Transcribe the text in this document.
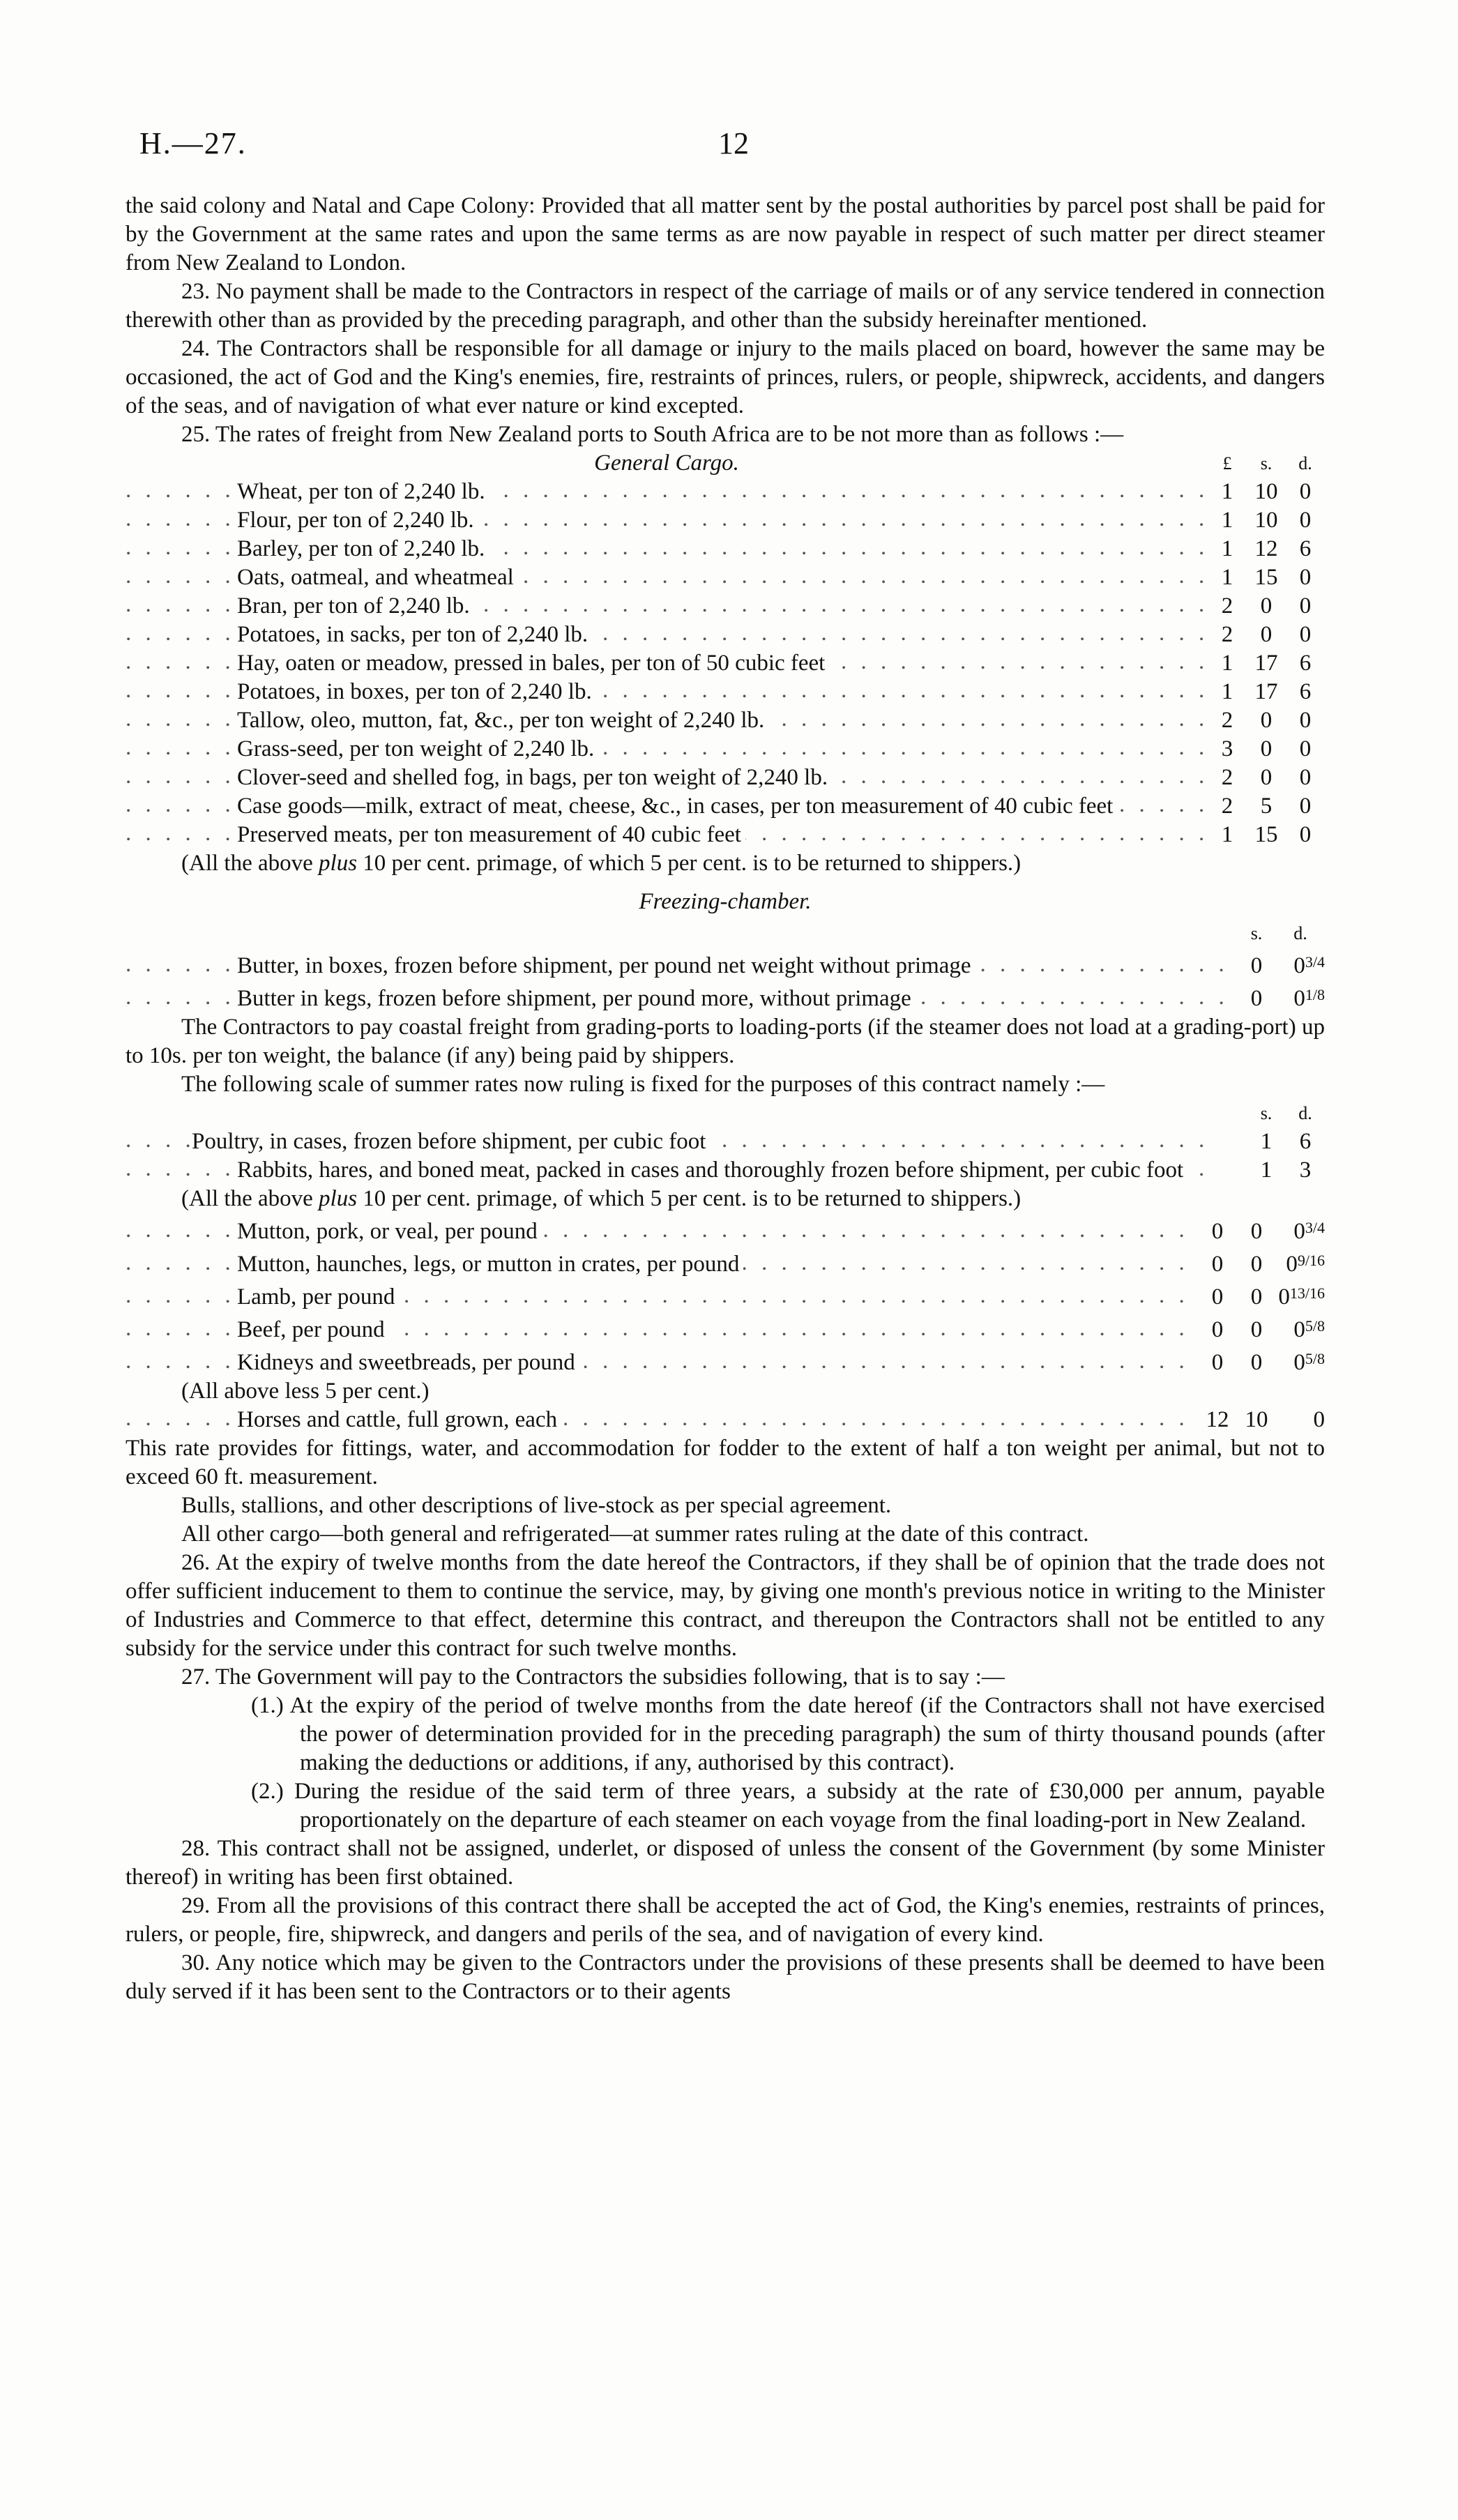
H.—27.	12

the said colony and Natal and Cape Colony: Provided that all matter sent by the postal authorities by parcel post shall be paid for by the Government at the same rates and upon the same terms as are now payable in respect of such matter per direct steamer from New Zealand to London.

23. No payment shall be made to the Contractors in respect of the carriage of mails or of any service tendered in connection therewith other than as provided by the preceding paragraph, and other than the subsidy hereinafter mentioned.

24. The Contractors shall be responsible for all damage or injury to the mails placed on board, however the same may be occasioned, the act of God and the King's enemies, fire, restraints of princes, rulers, or people, shipwreck, accidents, and dangers of the seas, and of navigation of what ever nature or kind excepted.

25. The rates of freight from New Zealand ports to South Africa are to be not more than as follows :—

General Cargo.	£	s.	d.
Wheat, per ton of 2,240 lb. . . .	1	10	0
Flour, per ton of 2,240 lb. . . .	1	10	0
Barley, per ton of 2,240 lb. . . .	1	12	6
Oats, oatmeal, and wheatmeal . . .	1	15	0
Bran, per ton of 2,240 lb. . . .	2	0	0
Potatoes, in sacks, per ton of 2,240 lb. . . .	2	0	0
Hay, oaten or meadow, pressed in bales, per ton of 50 cubic feet . . .	1	17	6
Potatoes, in boxes, per ton of 2,240 lb. . . .	1	17	6
Tallow, oleo, mutton, fat, &c., per ton weight of 2,240 lb. . . .	2	0	0
Grass-seed, per ton weight of 2,240 lb. . . .	3	0	0
Clover-seed and shelled fog, in bags, per ton weight of 2,240 lb. . . .	2	0	0
Case goods—milk, extract of meat, cheese, &c., in cases, per ton measurement of 40 cubic feet . . .	2	5	0
Preserved meats, per ton measurement of 40 cubic feet . . .	1	15	0

(All the above plus 10 per cent. primage, of which 5 per cent. is to be returned to shippers.)

Freezing-chamber.

	s.	d.
Butter, in boxes, frozen before shipment, per pound net weight without primage . . .	0	$0^{3/4}$
Butter in kegs, frozen before shipment, per pound more, without primage . . .	0	$0^{1/8}$

The Contractors to pay coastal freight from grading-ports to loading-ports (if the steamer does not load at a grading-port) up to 10s. per ton weight, the balance (if any) being paid by shippers.

The following scale of summer rates now ruling is fixed for the purposes of this contract namely :—

		s.	d.
Poultry, in cases, frozen before shipment, per cubic foot . . .		1	6
Rabbits, hares, and boned meat, packed in cases and thoroughly frozen before shipment, per cubic foot . . .		1	3

(All the above plus 10 per cent. primage, of which 5 per cent. is to be returned to shippers.)

Mutton, pork, or veal, per pound . . .	0	0	$0^{3/4}$
Mutton, haunches, legs, or mutton in crates, per pound . . .	0	0	$0^{9/16}$
Lamb, per pound . . .	0	0	$0^{13/16}$
Beef, per pound . . .	0	0	$0^{5/8}$
Kidneys and sweetbreads, per pound . . .	0	0	$0^{5/8}$

(All above less 5 per cent.)

Horses and cattle, full grown, each . . .	12	10	0

This rate provides for fittings, water, and accommodation for fodder to the extent of half a ton weight per animal, but not to exceed 60 ft. measurement.

Bulls, stallions, and other descriptions of live-stock as per special agreement.

All other cargo—both general and refrigerated—at summer rates ruling at the date of this contract.

26. At the expiry of twelve months from the date hereof the Contractors, if they shall be of opinion that the trade does not offer sufficient inducement to them to continue the service, may, by giving one month's previous notice in writing to the Minister of Industries and Commerce to that effect, determine this contract, and thereupon the Contractors shall not be entitled to any subsidy for the service under this contract for such twelve months.

27. The Government will pay to the Contractors the subsidies following, that is to say :—

(1.) At the expiry of the period of twelve months from the date hereof (if the Contractors shall not have exercised the power of determination provided for in the preceding paragraph) the sum of thirty thousand pounds (after making the deductions or additions, if any, authorised by this contract).

(2.) During the residue of the said term of three years, a subsidy at the rate of £30,000 per annum, payable proportionately on the departure of each steamer on each voyage from the final loading-port in New Zealand.

28. This contract shall not be assigned, underlet, or disposed of unless the consent of the Government (by some Minister thereof) in writing has been first obtained.

29. From all the provisions of this contract there shall be accepted the act of God, the King's enemies, restraints of princes, rulers, or people, fire, shipwreck, and dangers and perils of the sea, and of navigation of every kind.

30. Any notice which may be given to the Contractors under the provisions of these presents shall be deemed to have been duly served if it has been sent to the Contractors or to their agents
